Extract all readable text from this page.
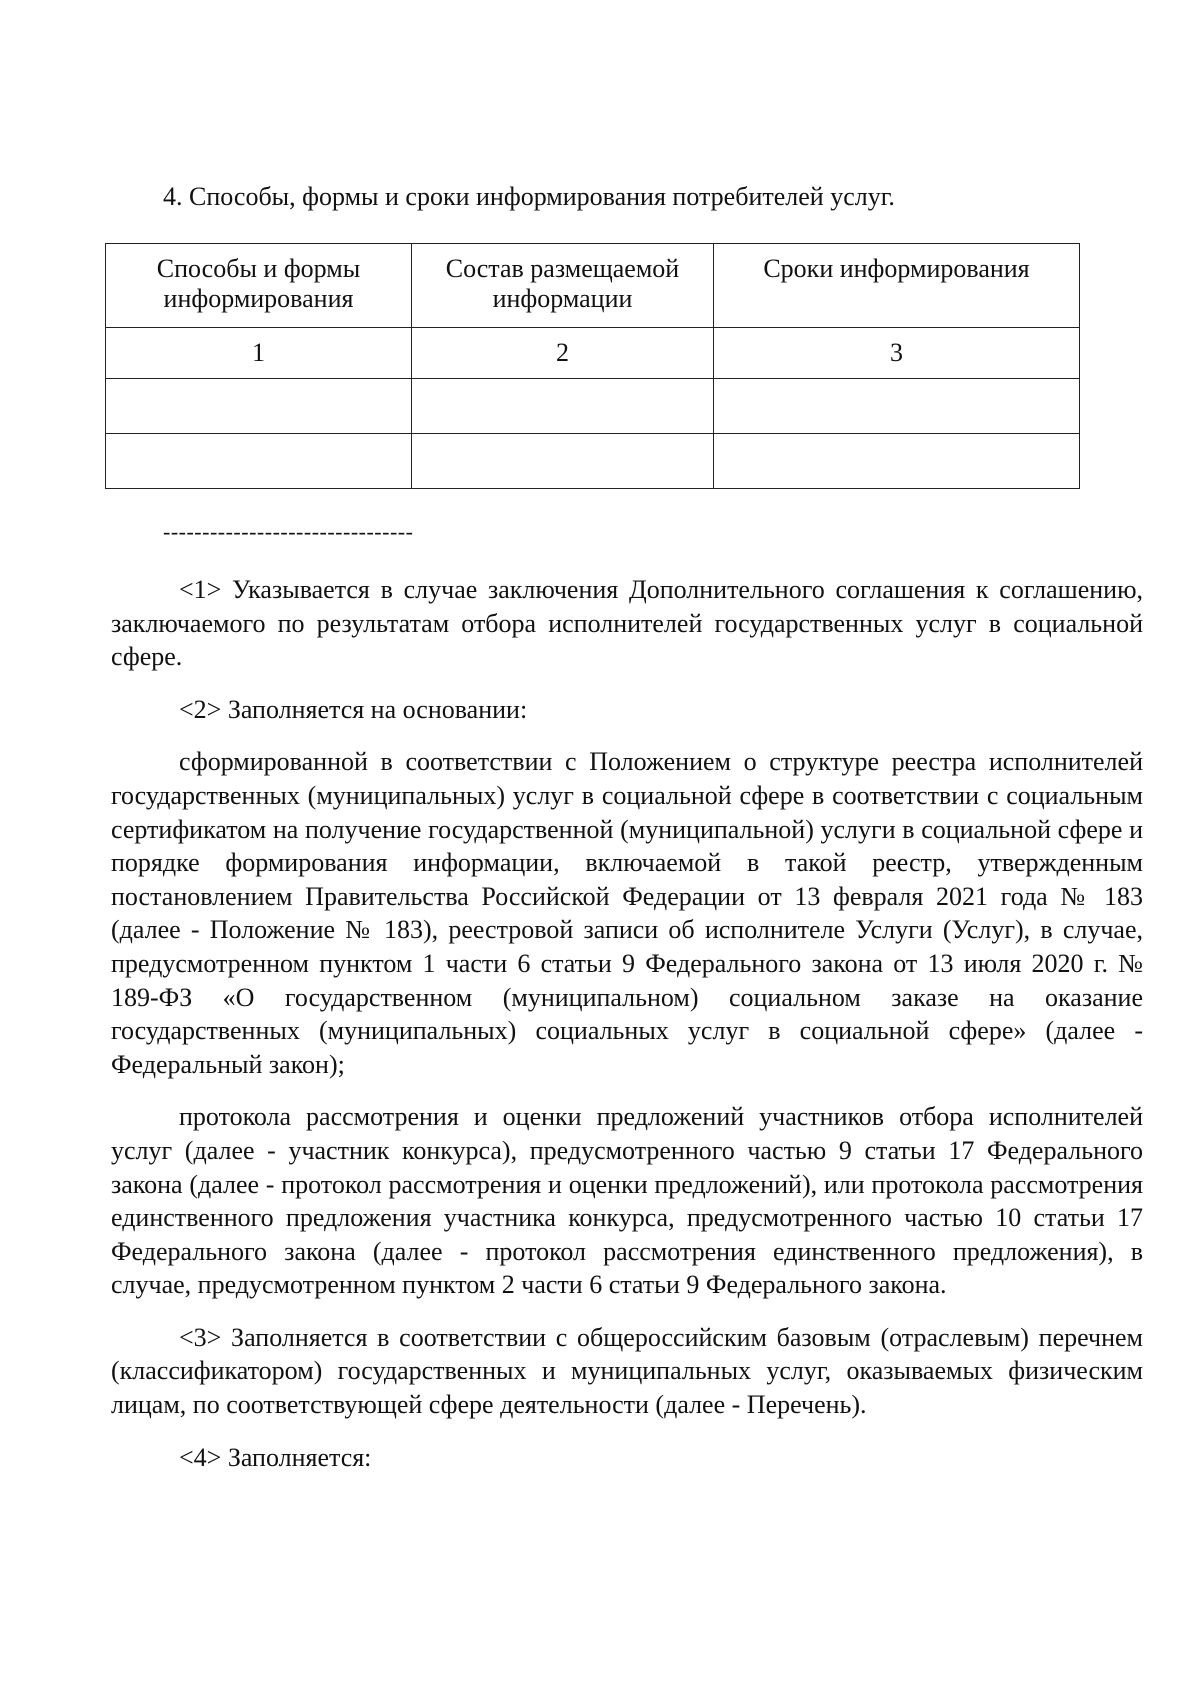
4. Способы, формы и сроки информирования потребителей услуг.
Способы и формы информирования	Состав размещаемой информации	Сроки информирования
1	2	3

--------------------------------

<1> Указывается в случае заключения Дополнительного соглашения к соглашению, заключаемого по результатам отбора исполнителей государственных услуг в социальной сфере.

<2> Заполняется на основании:

сформированной в соответствии с Положением о структуре реестра исполнителей государственных (муниципальных) услуг в социальной сфере в соответствии с социальным сертификатом на получение государственной (муниципальной) услуги в социальной сфере и порядке формирования информации, включаемой в такой реестр, утвержденным постановлением Правительства Российской Федерации от 13 февраля 2021 года № 183 (далее - Положение № 183), реестровой записи об исполнителе Услуги (Услуг), в случае, предусмотренном пунктом 1 части 6 статьи 9 Федерального закона от 13 июля 2020 г. № 189-ФЗ «О государственном (муниципальном) социальном заказе на оказание государственных (муниципальных) социальных услуг в социальной сфере» (далее - Федеральный закон);

протокола рассмотрения и оценки предложений участников отбора исполнителей услуг (далее - участник конкурса), предусмотренного частью 9 статьи 17 Федерального закона (далее - протокол рассмотрения и оценки предложений), или протокола рассмотрения единственного предложения участника конкурса, предусмотренного частью 10 статьи 17 Федерального закона (далее - протокол рассмотрения единственного предложения), в случае, предусмотренном пунктом 2 части 6 статьи 9 Федерального закона.

<3> Заполняется в соответствии с общероссийским базовым (отраслевым) перечнем (классификатором) государственных и муниципальных услуг, оказываемых физическим лицам, по соответствующей сфере деятельности (далее - Перечень).

<4> Заполняется:
